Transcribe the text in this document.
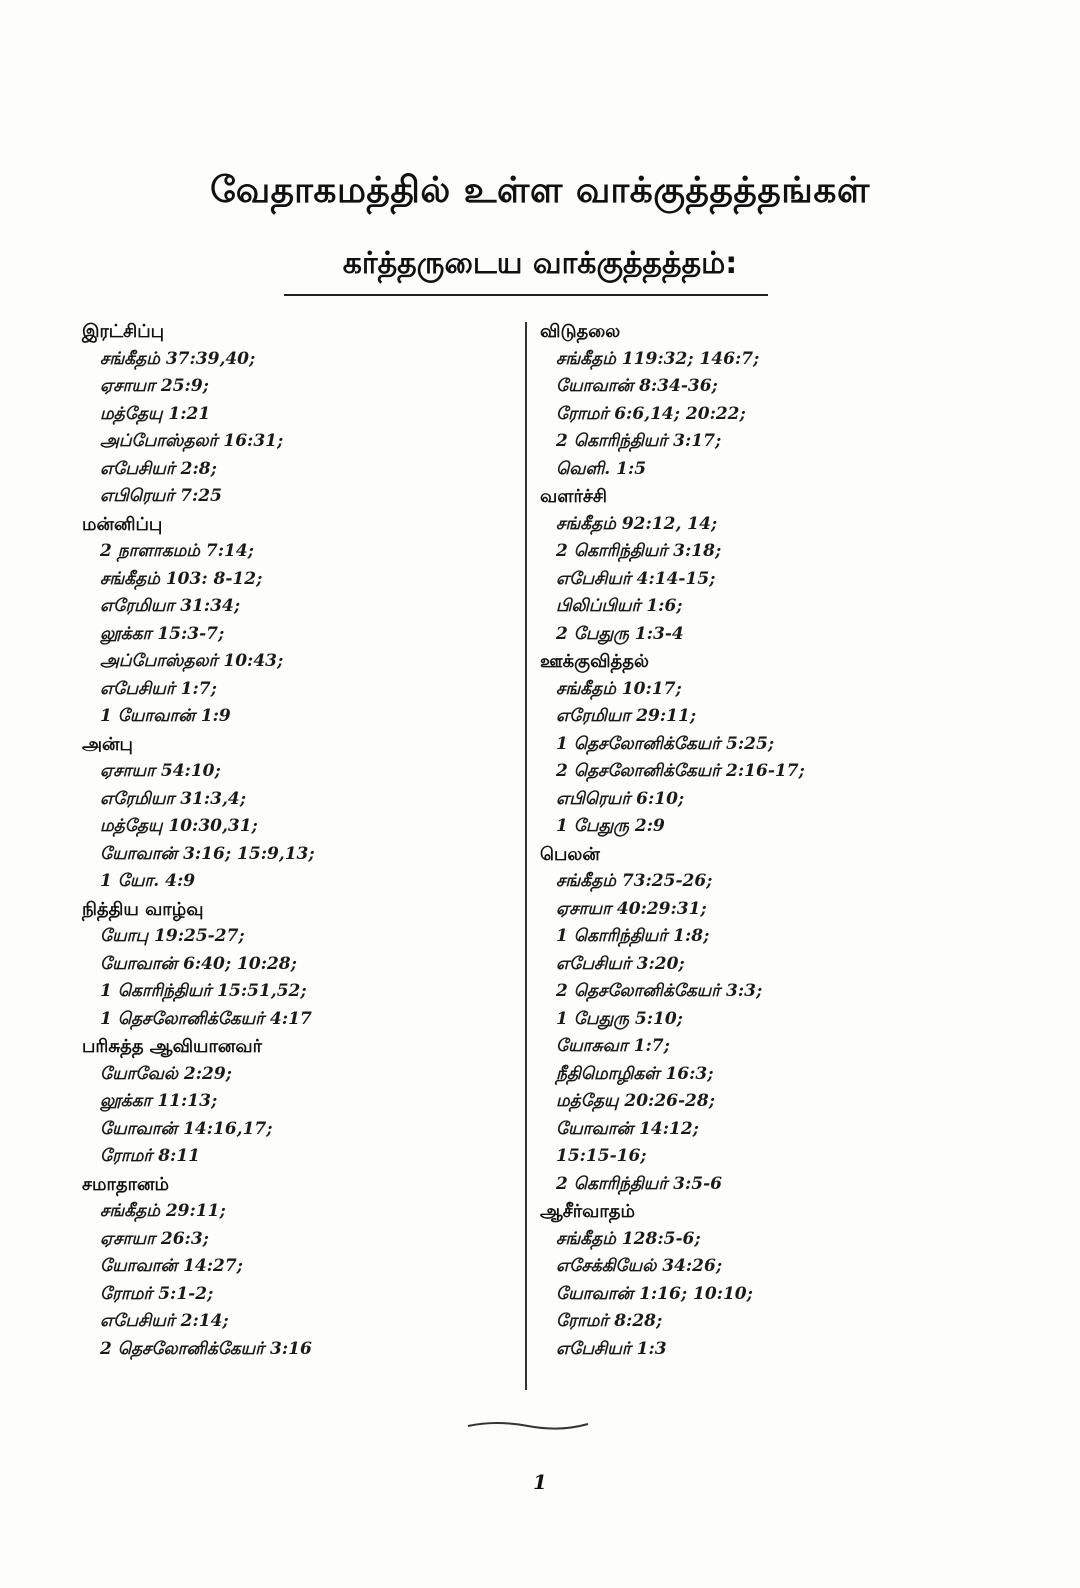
வேதாகமத்தில் உள்ள வாக்குத்தத்தங்கள்
கர்த்தருடைய வாக்குத்தத்தம்:
இரட்சிப்பு
சங்கீதம் 37:39,40;
ஏசாயா 25:9;
மத்தேயு 1:21
அப்போஸ்தலர் 16:31;
எபேசியர் 2:8;
எபிரெயர் 7:25
மன்னிப்பு
2 நாளாகமம் 7:14;
சங்கீதம் 103: 8-12;
எரேமியா 31:34;
லூக்கா 15:3-7;
அப்போஸ்தலர் 10:43;
எபேசியர் 1:7;
1 யோவான் 1:9
அன்பு
ஏசாயா 54:10;
எரேமியா 31:3,4;
மத்தேயு 10:30,31;
யோவான் 3:16; 15:9,13;
1 யோ. 4:9
நித்திய வாழ்வு
யோபு 19:25-27;
யோவான் 6:40; 10:28;
1 கொரிந்தியர் 15:51,52;
1 தெசலோனிக்கேயர் 4:17
பரிசுத்த ஆவியானவர்
யோவேல் 2:29;
லூக்கா 11:13;
யோவான் 14:16,17;
ரோமர் 8:11
சமாதானம்
சங்கீதம் 29:11;
ஏசாயா 26:3;
யோவான் 14:27;
ரோமர் 5:1-2;
எபேசியர் 2:14;
2 தெசலோனிக்கேயர் 3:16
விடுதலை
சங்கீதம் 119:32; 146:7;
யோவான் 8:34-36;
ரோமர் 6:6,14; 20:22;
2 கொரிந்தியர் 3:17;
வெளி. 1:5
வளர்ச்சி
சங்கீதம் 92:12, 14;
2 கொரிந்தியர் 3:18;
எபேசியர் 4:14-15;
பிலிப்பியர் 1:6;
2 பேதுரு 1:3-4
ஊக்குவித்தல்
சங்கீதம் 10:17;
எரேமியா 29:11;
1 தெசலோனிக்கேயர் 5:25;
2 தெசலோனிக்கேயர் 2:16-17;
எபிரெயர் 6:10;
1 பேதுரு 2:9
பெலன்
சங்கீதம் 73:25-26;
ஏசாயா 40:29:31;
1 கொரிந்தியர் 1:8;
எபேசியர் 3:20;
2 தெசலோனிக்கேயர் 3:3;
1 பேதுரு 5:10;
யோசுவா 1:7;
நீதிமொழிகள் 16:3;
மத்தேயு 20:26-28;
யோவான் 14:12;
15:15-16;
2 கொரிந்தியர் 3:5-6
ஆசீர்வாதம்
சங்கீதம் 128:5-6;
எசேக்கியேல் 34:26;
யோவான் 1:16; 10:10;
ரோமர் 8:28;
எபேசியர் 1:3
1
